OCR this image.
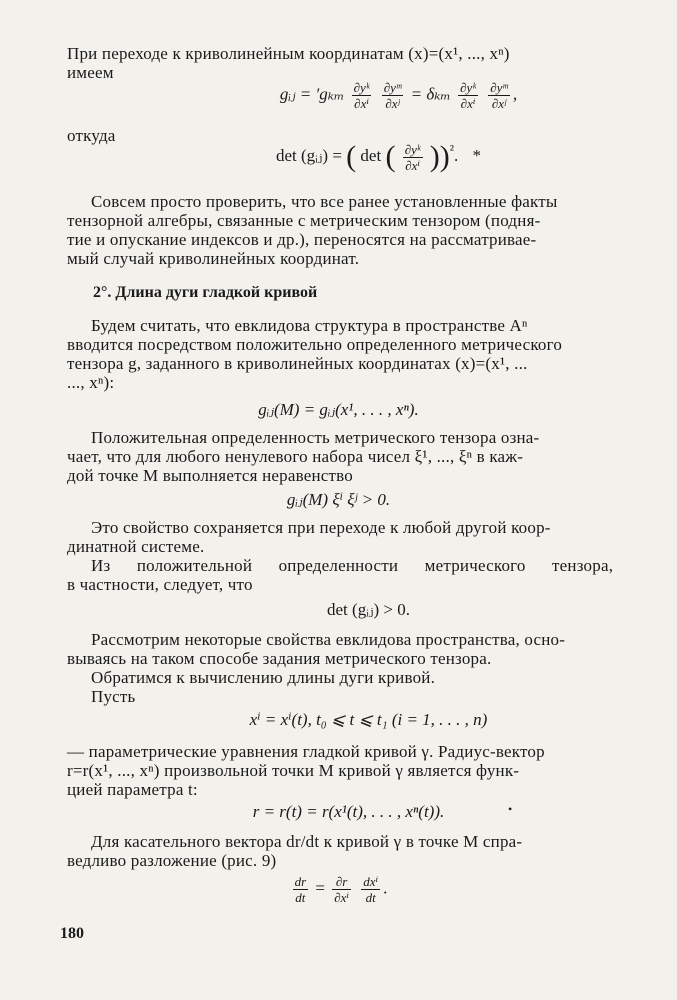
При переходе к криволинейным координатам (x)=(x¹, ..., xⁿ)
имеем
gᵢⱼ = $'g_{km} \frac{\text{∂yᵏ}}{\text{∂xⁱ}}$
$\frac{\text{∂yᵐ}}{\text{∂xʲ}} = \delta_{km} \frac{\text{∂yᵏ}}{\text{∂xⁱ}}$
$\frac{\text{∂yᵐ}}{\text{∂xʲ}}$ ,
откуда
det (gᵢⱼ) = ( det ( $\frac{\text{∂yᵏ}}{\text{∂xⁱ}} ))^{^2}$. *
Совсем просто проверить, что все ранее установленные факты
тензорной алгебры, связанные с метрическим тензором (подня-
тие и опускание индексов и др.), переносятся на рассматривае-
мый случай криволинейных координат.
2°. Длина дуги гладкой кривой
Будем считать, что евклидова структура в пространстве Aⁿ
вводится посредством положительно определенного метрического
тензора g, заданного в криволинейных координатах (x)=(x¹, ...
..., xⁿ):
gᵢⱼ(M) = gᵢⱼ(x¹, . . . , xⁿ).
Положительная определенность метрического тензора озна-
чает, что для любого ненулевого набора чисел ξ¹, ..., ξⁿ в каж-
дой точке M выполняется неравенство
gᵢⱼ(M) ξⁱ ξʲ > 0.
Это свойство сохраняется при переходе к любой другой коор-
динатной системе.
Из положительной определенности метрического тензора,
в частности, следует, что
det (gᵢⱼ) > 0.
Рассмотрим некоторые свойства евклидова пространства, осно-
вываясь на таком способе задания метрического тензора.
Обратимся к вычислению длины дуги кривой.
Пусть
xⁱ = xⁱ(t), t₀ ⩽ t ⩽ t₁ (i = 1, . . . , n)
— параметрические уравнения гладкой кривой γ. Радиус-вектор
r=r(x¹, ..., xⁿ) произвольной точки M кривой γ является функ-
цией параметра t:
r = r(t) = r(x¹(t), . . . , xⁿ(t)).	•
Для касательного вектора dr/dt к кривой γ в точке M спра-
ведливо разложение (рис. 9)
$\frac{dr}{dt} = \frac{\partial r}{\text{∂xⁱ}}$
$\frac{\text{dxⁱ}}{dt}$ .
180
